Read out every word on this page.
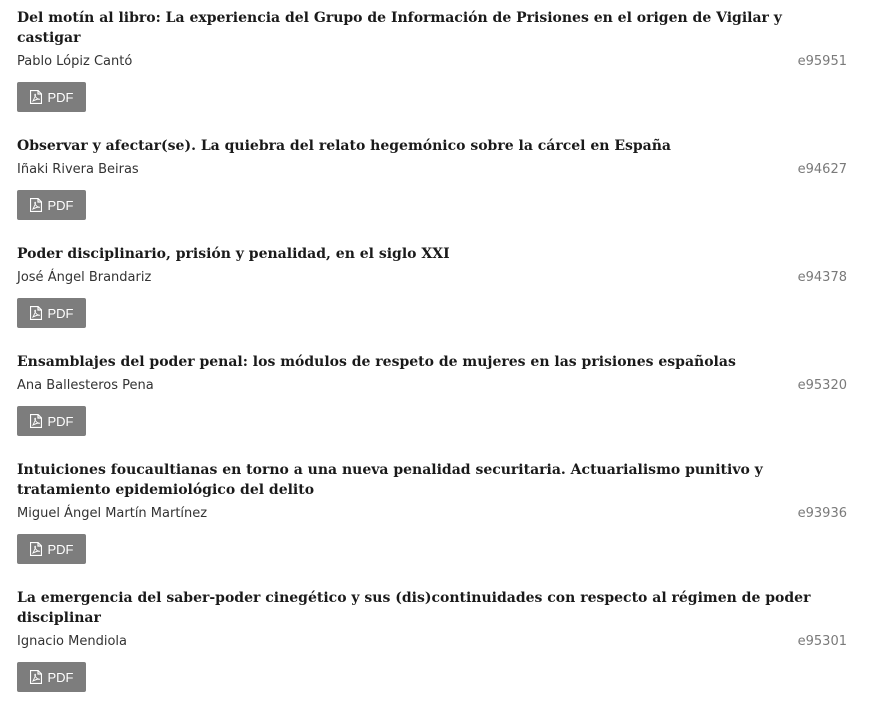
Del motín al libro: La experiencia del Grupo de Información de Prisiones en el origen de Vigilar y castigar
Pablo Lópiz Cantó	e95951
PDF
Observar y afectar(se). La quiebra del relato hegemónico sobre la cárcel en España
Iñaki Rivera Beiras	e94627
PDF
Poder disciplinario, prisión y penalidad, en el siglo XXI
José Ángel Brandariz	e94378
PDF
Ensamblajes del poder penal: los módulos de respeto de mujeres en las prisiones españolas
Ana Ballesteros Pena	e95320
PDF
Intuiciones foucaultianas en torno a una nueva penalidad securitaria. Actuarialismo punitivo y tratamiento epidemiológico del delito
Miguel Ángel Martín Martínez	e93936
PDF
La emergencia del saber-poder cinegético y sus (dis)continuidades con respecto al régimen de poder disciplinar
Ignacio Mendiola	e95301
PDF
